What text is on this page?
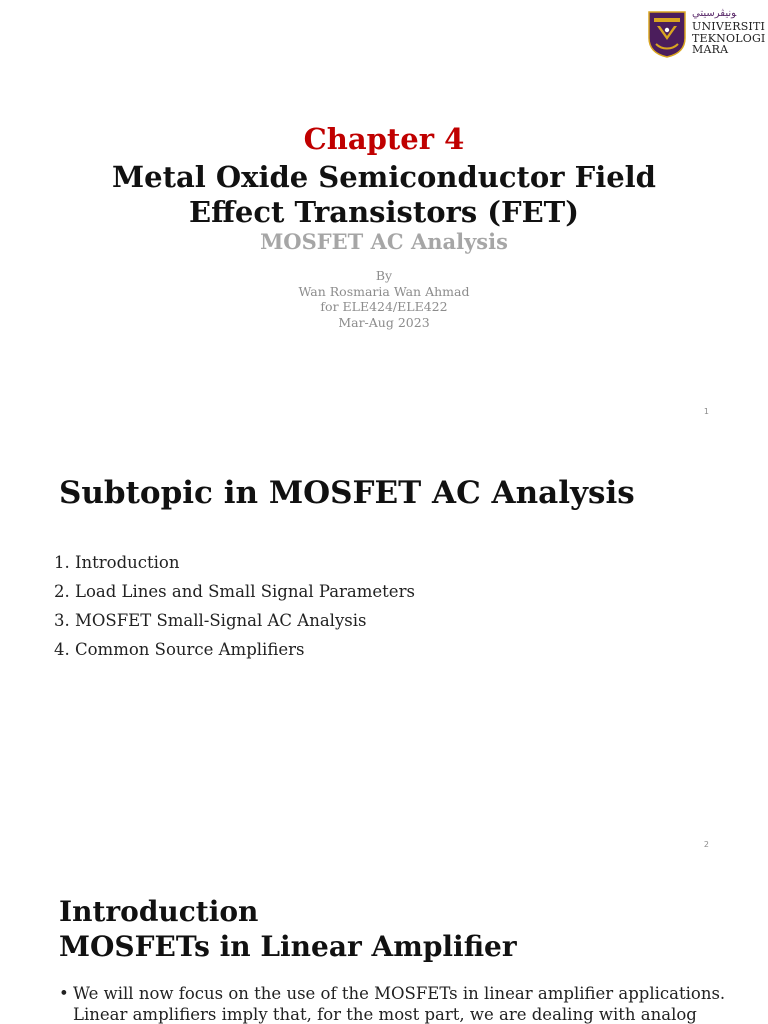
ﻮﻧﻴﭭﺮﺳﻴﺘﻲ
UNIVERSITI
TEKNOLOGI
MARA
Chapter 4
Metal Oxide Semiconductor Field
Effect Transistors (FET)
MOSFET AC Analysis
By
Wan Rosmaria Wan Ahmad
for ELE424/ELE422
Mar-Aug 2023
1
Subtopic in MOSFET AC Analysis
1. Introduction
2. Load Lines and Small Signal Parameters
3. MOSFET Small-Signal AC Analysis
4. Common Source Amplifiers
2
Introduction
MOSFETs in Linear Amplifier
• We will now focus on the use of the MOSFETs in linear amplifier applications.
Linear amplifiers imply that, for the most part, we are dealing with analog
